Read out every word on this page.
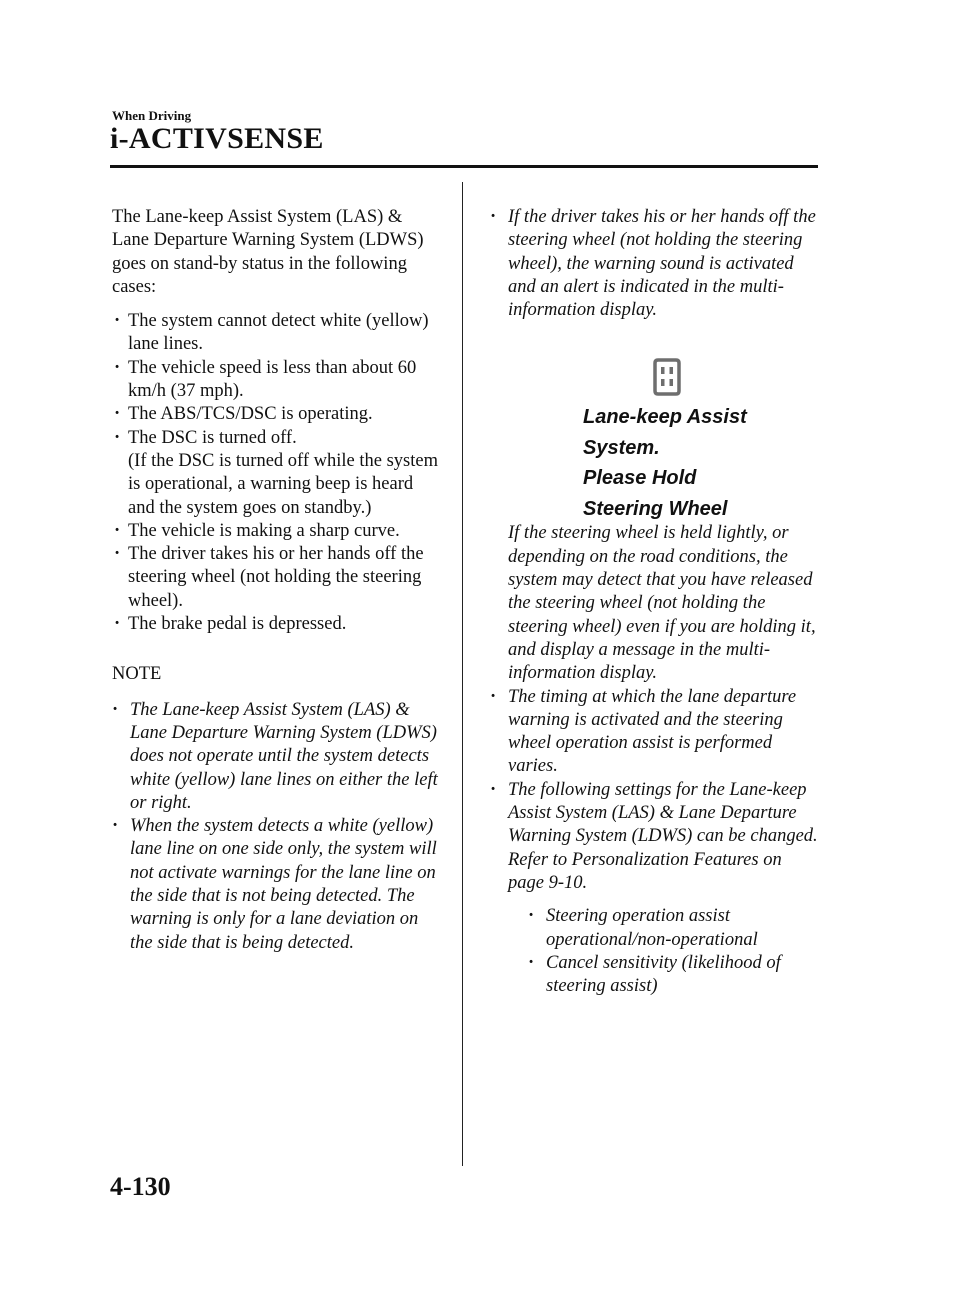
When Driving
i-ACTIVSENSE

The Lane-keep Assist System (LAS) & Lane Departure Warning System (LDWS) goes on stand-by status in the following cases:

· The system cannot detect white (yellow) lane lines.
· The vehicle speed is less than about 60 km/h (37 mph).
· The ABS/TCS/DSC is operating.
· The DSC is turned off.
(If the DSC is turned off while the system is operational, a warning beep is heard and the system goes on standby.)
· The vehicle is making a sharp curve.
· The driver takes his or her hands off the steering wheel (not holding the steering wheel).
· The brake pedal is depressed.

NOTE

· The Lane-keep Assist System (LAS) & Lane Departure Warning System (LDWS) does not operate until the system detects white (yellow) lane lines on either the left or right.
· When the system detects a white (yellow) lane line on one side only, the system will not activate warnings for the lane line on the side that is not being detected. The warning is only for a lane deviation on the side that is being detected.
· If the driver takes his or her hands off the steering wheel (not holding the steering wheel), the warning sound is activated and an alert is indicated in the multi-information display.
Lane-keep Assist
System.
Please Hold
Steering Wheel

If the steering wheel is held lightly, or depending on the road conditions, the system may detect that you have released the steering wheel (not holding the steering wheel) even if you are holding it, and display a message in the multi-information display.

· The timing at which the lane departure warning is activated and the steering wheel operation assist is performed varies.
· The following settings for the Lane-keep Assist System (LAS) & Lane Departure Warning System (LDWS) can be changed. Refer to Personalization Features on page 9-10.
· Steering operation assist operational/non-operational
· Cancel sensitivity (likelihood of steering assist)
4-130
